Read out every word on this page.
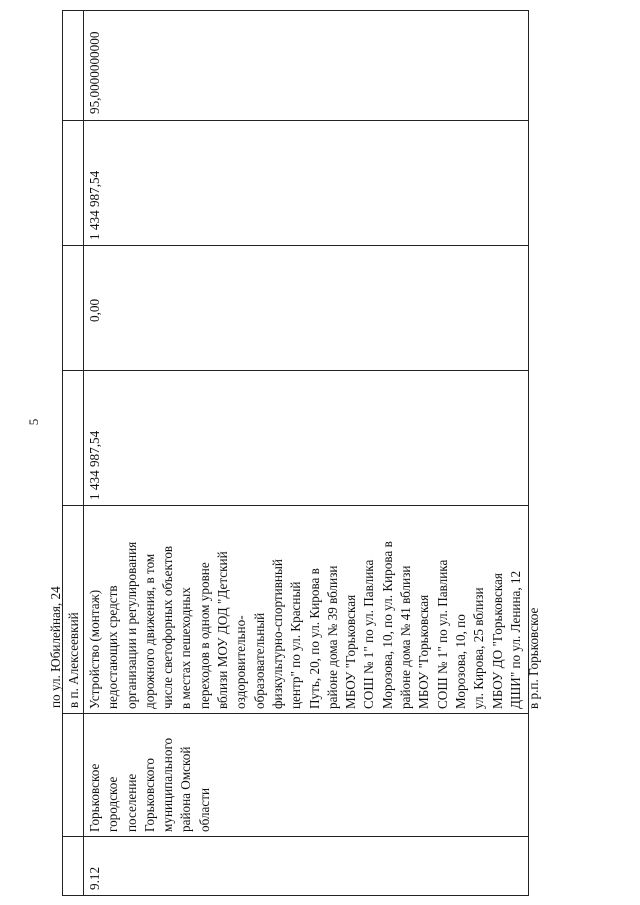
5
по ул. Юбилейная, 24
в п. Алексеевкий
95,0000000000
9.12
Горьковское
городское
поселение
Горьковского
муниципального
района Омской
области
Устройство (монтаж)
недостающих средств
организации и регулирования
дорожного движения, в том
числе светофорных объектов
в местах пешеходных
переходов в одном уровне
вблизи МОУ ДОД "Детский
оздоровительно-
образовательный
физкультурно-спортивный
центр" по ул. Красный
Путь, 20, по ул. Кирова в
районе дома № 39 вблизи
МБОУ "Горьковская
СОШ № 1" по ул. Павлика
Морозова, 10, по ул. Кирова в
районе дома № 41 вблизи
МБОУ "Горьковская
СОШ № 1" по ул. Павлика
Морозова, 10, по
ул. Кирова, 25 вблизи
МБОУ ДО "Горьковская
ДШИ" по ул. Ленина, 12
в р.п. Горьковское
1 434 987,54
0,00
1 434 987,54
